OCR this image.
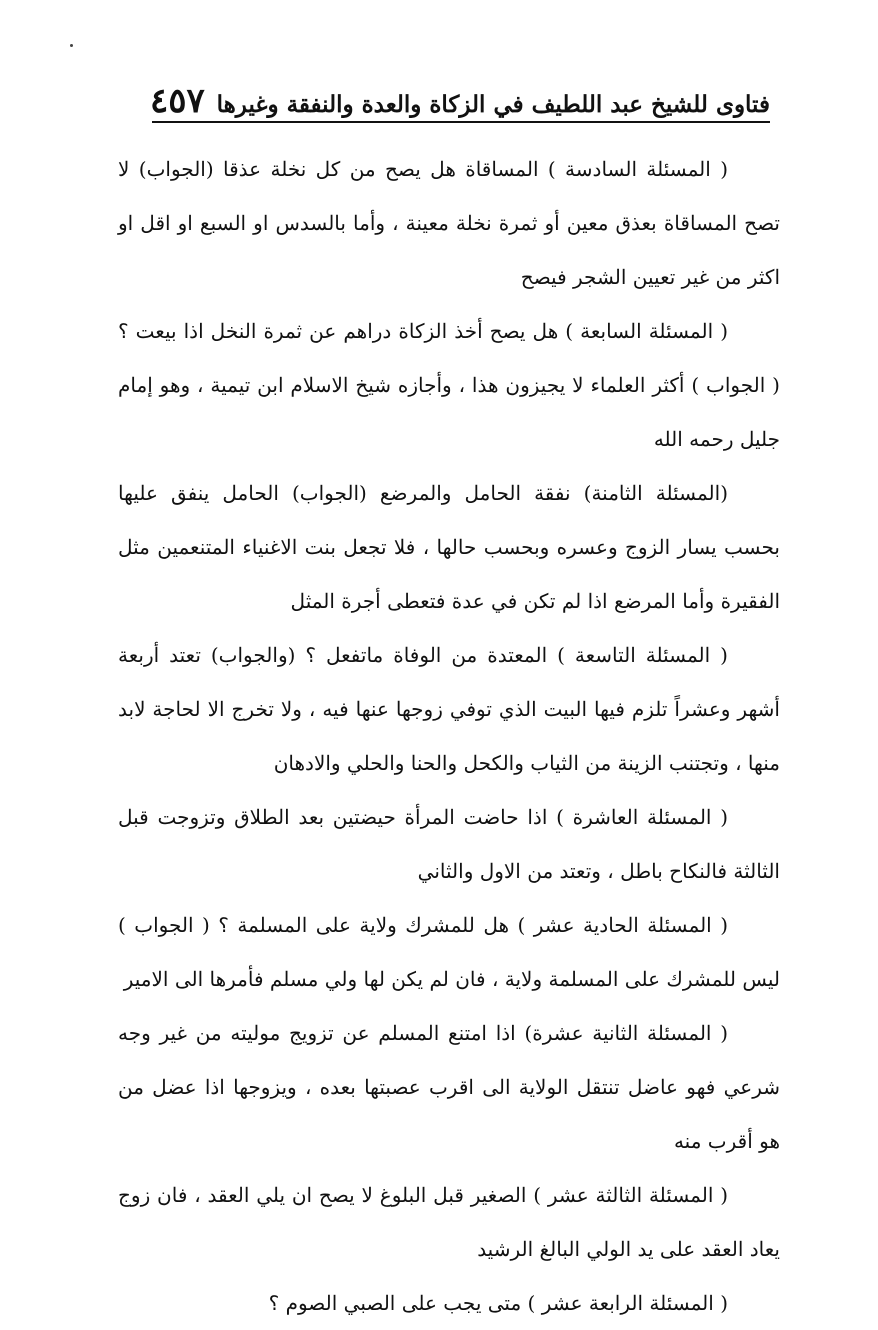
فتاوى للشيخ عبد اللطيف في الزكاة والعدة والنفقة وغيرها
٤٥٧

( المسئلة السادسة ) المساقاة هل يصح من كل نخلة عذقا (الجواب) لا تصح المساقاة بعذق معين أو ثمرة نخلة معينة ، وأما بالسدس او السبع او اقل او اكثر من غير تعيين الشجر فيصح

( المسئلة السابعة ) هل يصح أخذ الزكاة دراهم عن ثمرة النخل اذا بيعت ؟ ( الجواب ) أكثر العلماء لا يجيزون هذا ، وأجازه شيخ الاسلام ابن تيمية ، وهو إمام جليل رحمه الله

(المسئلة الثامنة) نفقة الحامل والمرضع (الجواب) الحامل ينفق عليها بحسب يسار الزوج وعسره وبحسب حالها ، فلا تجعل بنت الاغنياء المتنعمين مثل الفقيرة وأما المرضع اذا لم تكن في عدة فتعطى أجرة المثل

( المسئلة التاسعة ) المعتدة من الوفاة ماتفعل ؟ (والجواب) تعتد أربعة أشهر وعشراً تلزم فيها البيت الذي توفي زوجها عنها فيه ، ولا تخرج الا لحاجة لابد منها ، وتجتنب الزينة من الثياب والكحل والحنا والحلي والادهان

( المسئلة العاشرة ) اذا حاضت المرأة حيضتين بعد الطلاق وتزوجت قبل الثالثة فالنكاح باطل ، وتعتد من الاول والثاني

( المسئلة الحادية عشر ) هل للمشرك ولاية على المسلمة ؟ ( الجواب ) ليس للمشرك على المسلمة ولاية ، فان لم يكن لها ولي مسلم فأمرها الى الامير

( المسئلة الثانية عشرة) اذا امتنع المسلم عن تزويج موليته من غير وجه شرعي فهو عاضل تنتقل الولاية الى اقرب عصبتها بعده ، ويزوجها اذا عضل من هو أقرب منه

( المسئلة الثالثة عشر ) الصغير قبل البلوغ لا يصح ان يلي العقد ، فان زوج يعاد العقد على يد الولي البالغ الرشيد

( المسئلة الرابعة عشر ) متى يجب على الصبي الصوم ؟
